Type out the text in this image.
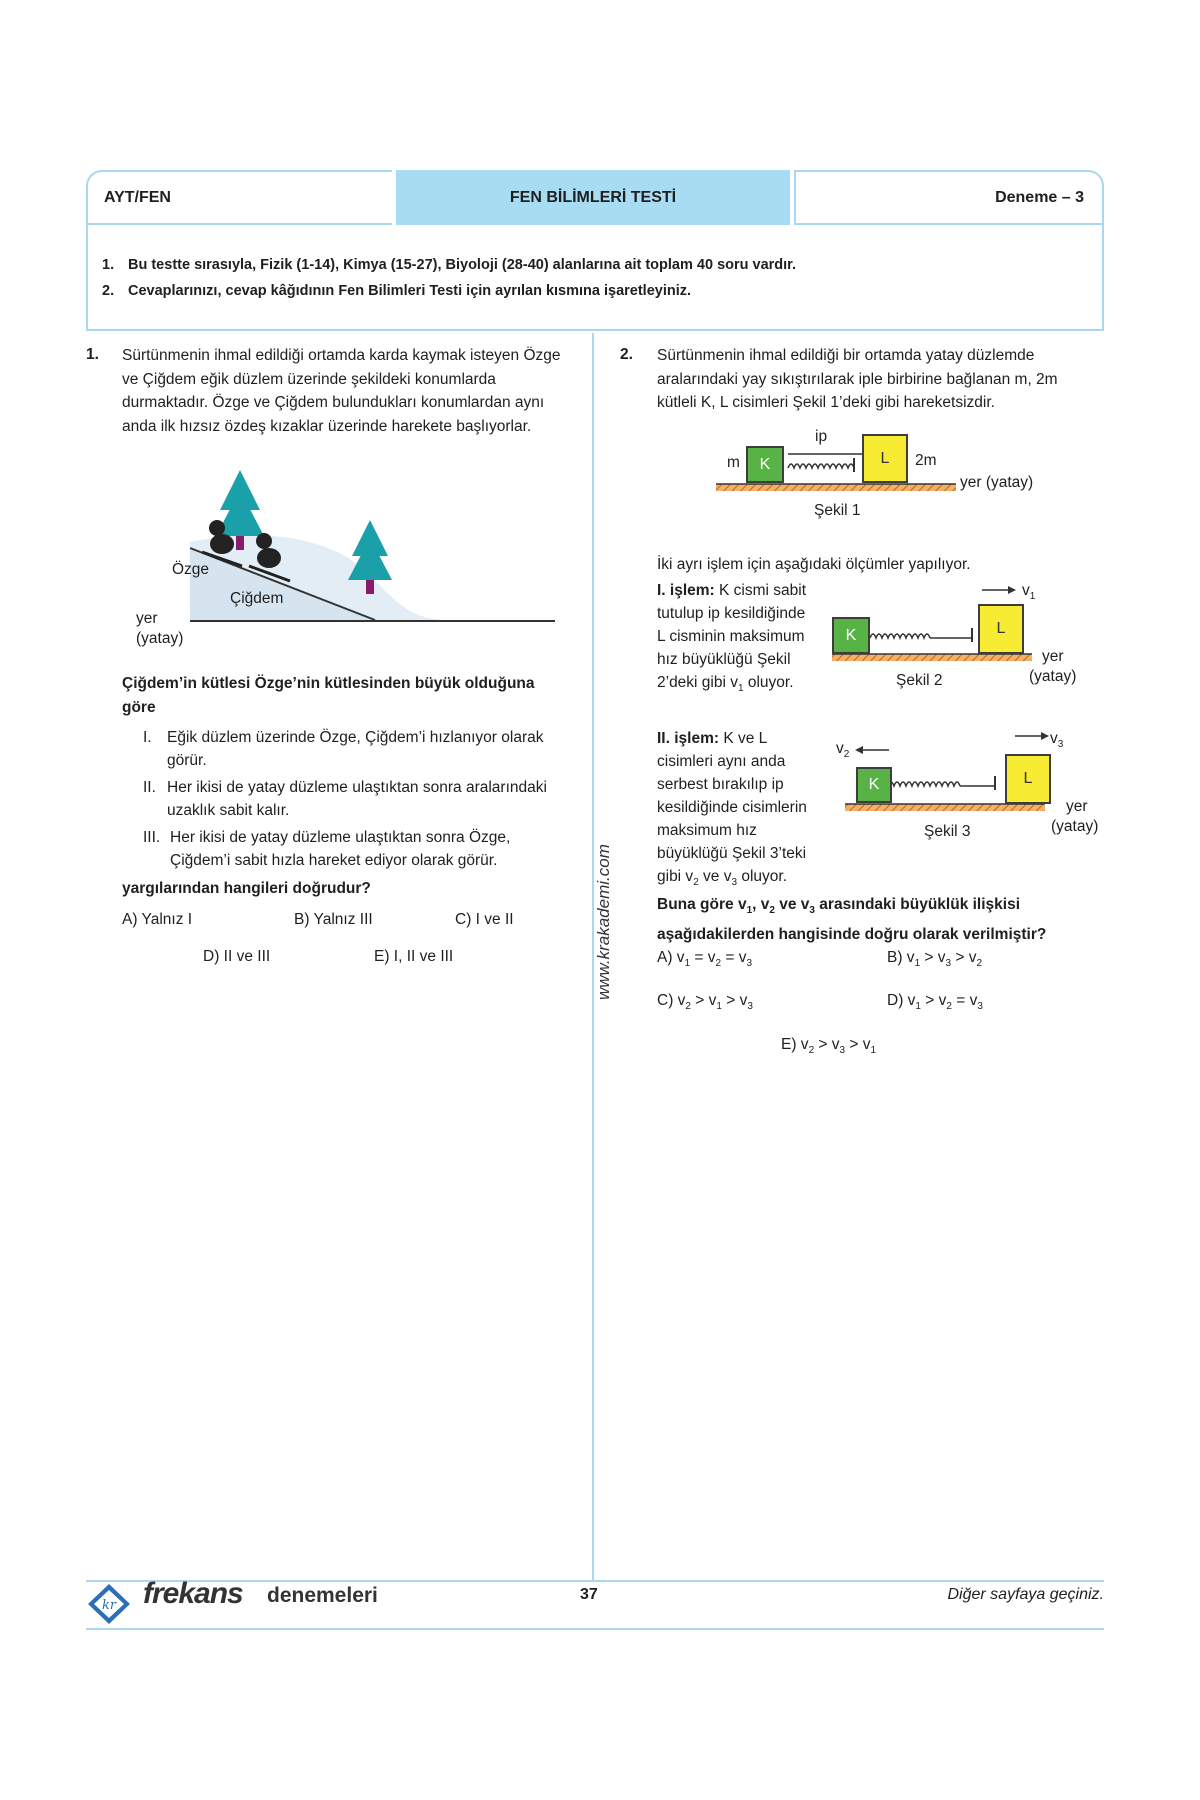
AYT/FEN	FEN BİLİMLERİ TESTİ	Deneme – 3
1. Bu testte sırasıyla, Fizik (1-14), Kimya (15-27), Biyoloji (28-40) alanlarına ait toplam 40 soru vardır.
2. Cevaplarınızı, cevap kâğıdının Fen Bilimleri Testi için ayrılan kısmına işaretleyiniz.
1. Sürtünmenin ihmal edildiği ortamda karda kaymak isteyen Özge ve Çiğdem eğik düzlem üzerinde şekildeki konumlarda durmaktadır. Özge ve Çiğdem bulundukları konumlardan aynı anda ilk hızsız özdeş kızaklar üzerinde harekete başlıyorlar.
Özge
Çiğdem
yer
(yatay)
Çiğdem’in kütlesi Özge’nin kütlesinden büyük olduğuna göre
I. Eğik düzlem üzerinde Özge, Çiğdem’i hızlanıyor olarak görür.
II. Her ikisi de yatay düzleme ulaştıktan sonra aralarındaki uzaklık sabit kalır.
III. Her ikisi de yatay düzleme ulaştıktan sonra Özge, Çiğdem’i sabit hızla hareket ediyor olarak görür.
yargılarından hangileri doğrudur?
A) Yalnız I	B) Yalnız III	C) I ve II
D) II ve III	E) I, II ve III	www.krakademi.com
2. Sürtünmenin ihmal edildiği bir ortamda yatay düzlemde aralarındaki yay sıkıştırılarak iple birbirine bağlanan m, 2m kütleli K, L cisimleri Şekil 1’deki gibi hareketsizdir.
K	L
m
ip
2m
yer (yatay)
Şekil 1
İki ayrı işlem için aşağıdaki ölçümler yapılıyor.
I. işlem: K cismi sabit
tutulup ip kesildiğinde
L cisminin maksimum
hız büyüklüğü Şekil
2’deki gibi $v_1$ oluyor.
K	L
$v_1$
yer
(yatay)
Şekil 2
II. işlem: K ve L
cisimleri aynı anda
serbest bırakılıp ip
kesildiğinde cisimlerin
maksimum hız
büyüklüğü Şekil 3’teki
gibi $v_2$ ve $v_3$ oluyor.
K	L
$v_2$
$v_3$
yer
(yatay)
Şekil 3
Buna göre $v_1$, $v_2$ ve $v_3$ arasındaki büyüklük ilişkisi
aşağıdakilerden hangisinde doğru olarak verilmiştir?
A) $v_1 = v_2 = v_3$	B) $v_1 > v_3 > v_2$
C) $v_2 > v_1 > v_3$	D) $v_1 > v_2 = v_3$
E) $v_2 > v_3 > v_1$
kr frekans denemeleri	37	Diğer sayfaya geçiniz.
